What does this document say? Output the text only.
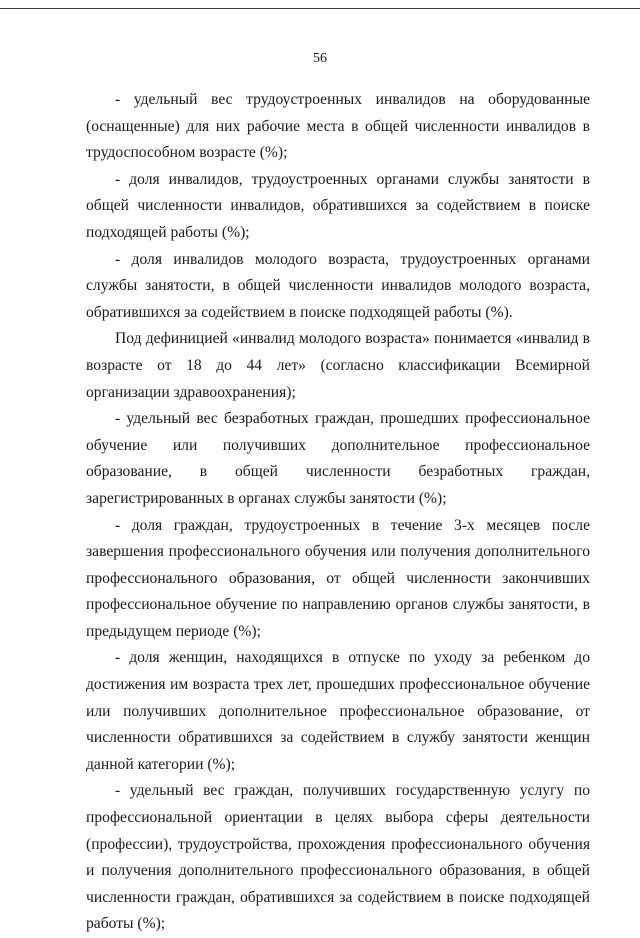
56

- удельный вес трудоустроенных инвалидов на оборудованные (оснащенные) для них рабочие места в общей численности инвалидов в трудоспособном возрасте (%);

- доля инвалидов, трудоустроенных органами службы занятости в общей численности инвалидов, обратившихся за содействием в поиске подходящей работы (%);

- доля инвалидов молодого возраста, трудоустроенных органами службы занятости, в общей численности инвалидов молодого возраста, обратившихся за содействием в поиске подходящей работы (%).

Под дефиницией «инвалид молодого возраста» понимается «инвалид в возрасте от 18 до 44 лет» (согласно классификации Всемирной организации здравоохранения);

- удельный вес безработных граждан, прошедших профессиональное обучение или получивших дополнительное профессиональное образование, в общей численности безработных граждан, зарегистрированных в органах службы занятости (%);

- доля граждан, трудоустроенных в течение 3-х месяцев после завершения профессионального обучения или получения дополнительного профессионального образования, от общей численности закончивших профессиональное обучение по направлению органов службы занятости, в предыдущем периоде (%);

- доля женщин, находящихся в отпуске по уходу за ребенком до достижения им возраста трех лет, прошедших профессиональное обучение или получивших дополнительное профессиональное образование, от численности обратившихся за содействием в службу занятости женщин данной категории (%);

- удельный вес граждан, получивших государственную услугу по профессиональной ориентации в целях выбора сферы деятельности (профессии), трудоустройства, прохождения профессионального обучения и получения дополнительного профессионального образования, в общей численности граждан, обратившихся за содействием в поиске подходящей работы (%);
